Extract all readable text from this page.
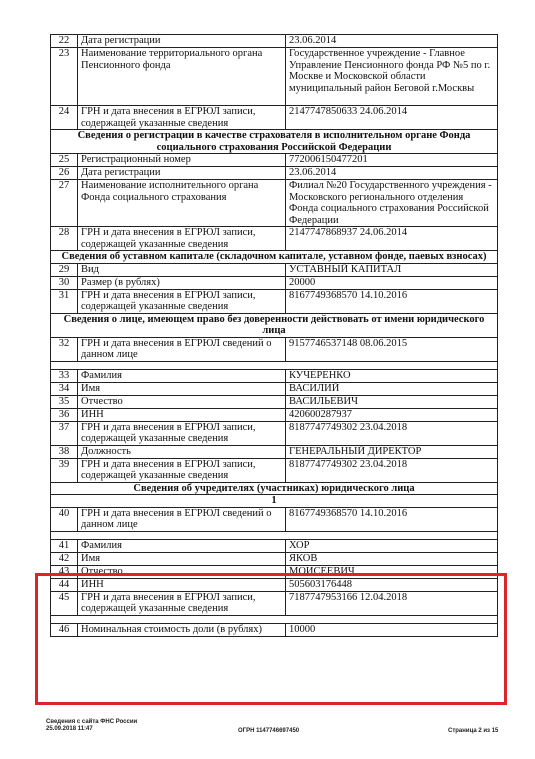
22	Дата регистрации	23.06.2014
23	Наименование территориального органа Пенсионного фонда	Государственное учреждение - Главное Управление Пенсионного фонда РФ №5 по г. Москве и Московской области муниципальный район Беговой г.Москвы
24	ГРН и дата внесения в ЕГРЮЛ записи, содержащей указанные сведения	2147747850633 24.06.2014
Сведения о регистрации в качестве страхователя в исполнительном органе Фонда социального страхования Российской Федерации		
25	Регистрационный номер	772006150477201
26	Дата регистрации	23.06.2014
27	Наименование исполнительного органа Фонда социального страхования	Филиал №20 Государственного учреждения - Московского регионального отделения Фонда социального страхования Российской Федерации
28	ГРН и дата внесения в ЕГРЮЛ записи, содержащей указанные сведения	2147747868937 24.06.2014
Сведения об уставном капитале (складочном капитале, уставном фонде, паевых взносах)		
29	Вид	УСТАВНЫЙ КАПИТАЛ
30	Размер (в рублях)	20000
31	ГРН и дата внесения в ЕГРЮЛ записи, содержащей указанные сведения	8167749368570 14.10.2016
Сведения о лице, имеющем право без доверенности действовать от имени юридического лица		
32	ГРН и дата внесения в ЕГРЮЛ сведений о данном лице	9157746537148 08.06.2015

33	Фамилия	КУЧЕРЕНКО
34	Имя	ВАСИЛИЙ
35	Отчество	ВАСИЛЬЕВИЧ
36	ИНН	420600287937
37	ГРН и дата внесения в ЕГРЮЛ записи, содержащей указанные сведения	8187747749302 23.04.2018
38	Должность	ГЕНЕРАЛЬНЫЙ ДИРЕКТОР
39	ГРН и дата внесения в ЕГРЮЛ записи, содержащей указанные сведения	8187747749302 23.04.2018
Сведения об учредителях (участниках) юридического лица		
1		
40	ГРН и дата внесения в ЕГРЮЛ сведений о данном лице	8167749368570 14.10.2016

41	Фамилия	ХОР
42	Имя	ЯКОВ
43	Отчество	МОИСЕЕВИЧ
44	ИНН	505603176448
45	ГРН и дата внесения в ЕГРЮЛ записи, содержащей указанные сведения	7187747953166 12.04.2018

46	Номинальная стоимость доли (в рублях)	10000
Сведения с сайта ФНС России
25.09.2018 11:47	ОГРН 1147746697450	Страница 2 из 15
